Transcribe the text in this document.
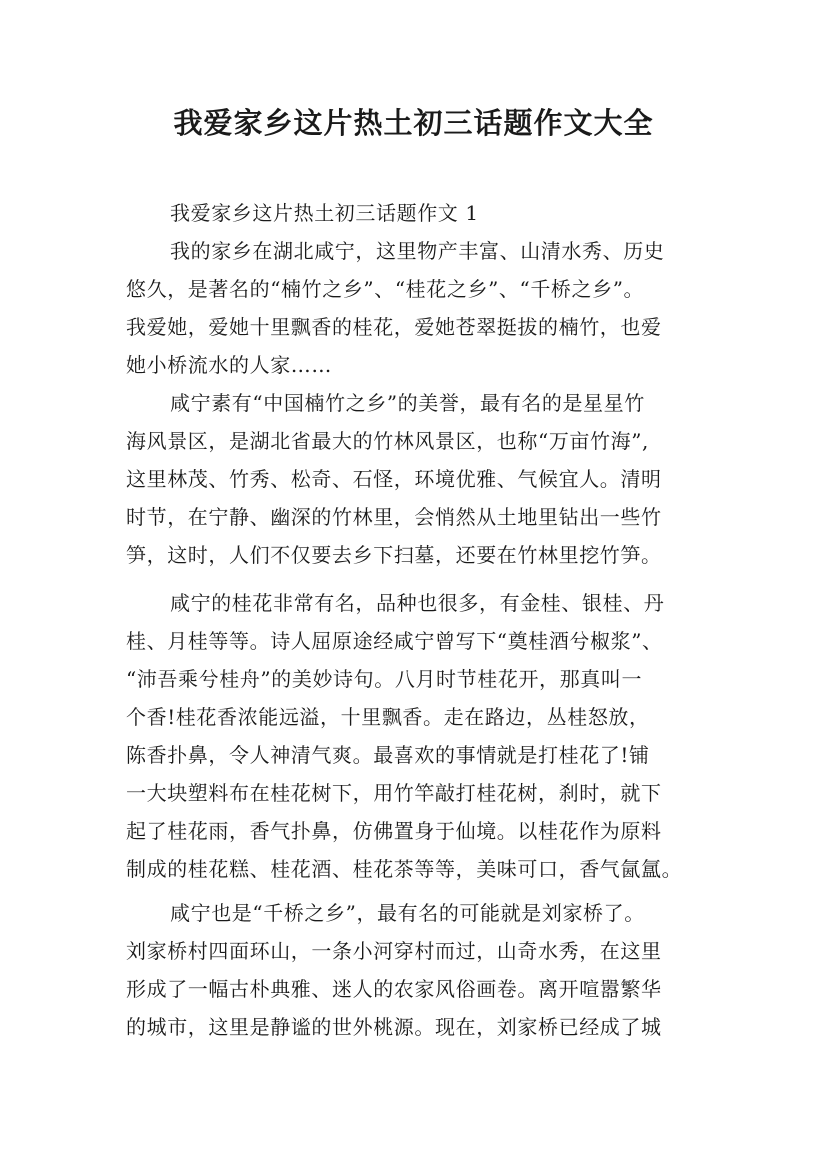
我爱家乡这片热土初三话题作文大全
我爱家乡这片热土初三话题作文 1
我的家乡在湖北咸宁，这里物产丰富、山清水秀、历史
悠久，是著名的“楠竹之乡”、“桂花之乡”、“千桥之乡”。
我爱她，爱她十里飘香的桂花，爱她苍翠挺拔的楠竹，也爱
她小桥流水的人家……
咸宁素有“中国楠竹之乡”的美誉，最有名的是星星竹
海风景区，是湖北省最大的竹林风景区，也称“万亩竹海”,
这里林茂、竹秀、松奇、石怪，环境优雅、气候宜人。清明
时节，在宁静、幽深的竹林里，会悄然从土地里钻出一些竹
笋，这时，人们不仅要去乡下扫墓，还要在竹林里挖竹笋。
咸宁的桂花非常有名，品种也很多，有金桂、银桂、丹
桂、月桂等等。诗人屈原途经咸宁曾写下“奠桂酒兮椒浆”、
“沛吾乘兮桂舟”的美妙诗句。八月时节桂花开，那真叫一
个香!桂花香浓能远溢，十里飘香。走在路边，丛桂怒放，
陈香扑鼻，令人神清气爽。最喜欢的事情就是打桂花了!铺
一大块塑料布在桂花树下，用竹竿敲打桂花树，刹时，就下
起了桂花雨，香气扑鼻，仿佛置身于仙境。以桂花作为原料
制成的桂花糕、桂花酒、桂花茶等等，美味可口，香气氤氲。
咸宁也是“千桥之乡”，最有名的可能就是刘家桥了。
刘家桥村四面环山，一条小河穿村而过，山奇水秀，在这里
形成了一幅古朴典雅、迷人的农家风俗画卷。离开喧嚣繁华
的城市，这里是静谧的世外桃源。现在，刘家桥已经成了城
